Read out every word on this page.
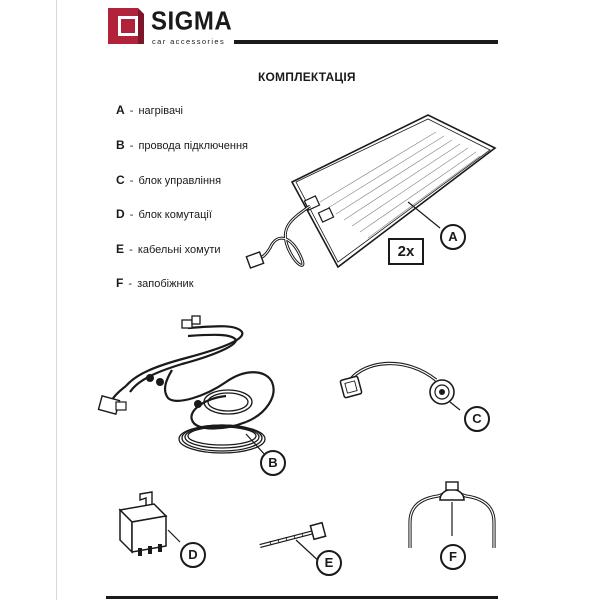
SIGMA
car accessories
КОМПЛЕКТАЦІЯ
A - нагрівачі
B - провода підключення
C - блок управління
D - блок комутації
E - кабельні хомути
F - запобіжник
2x
A
B
C
D
E	F
